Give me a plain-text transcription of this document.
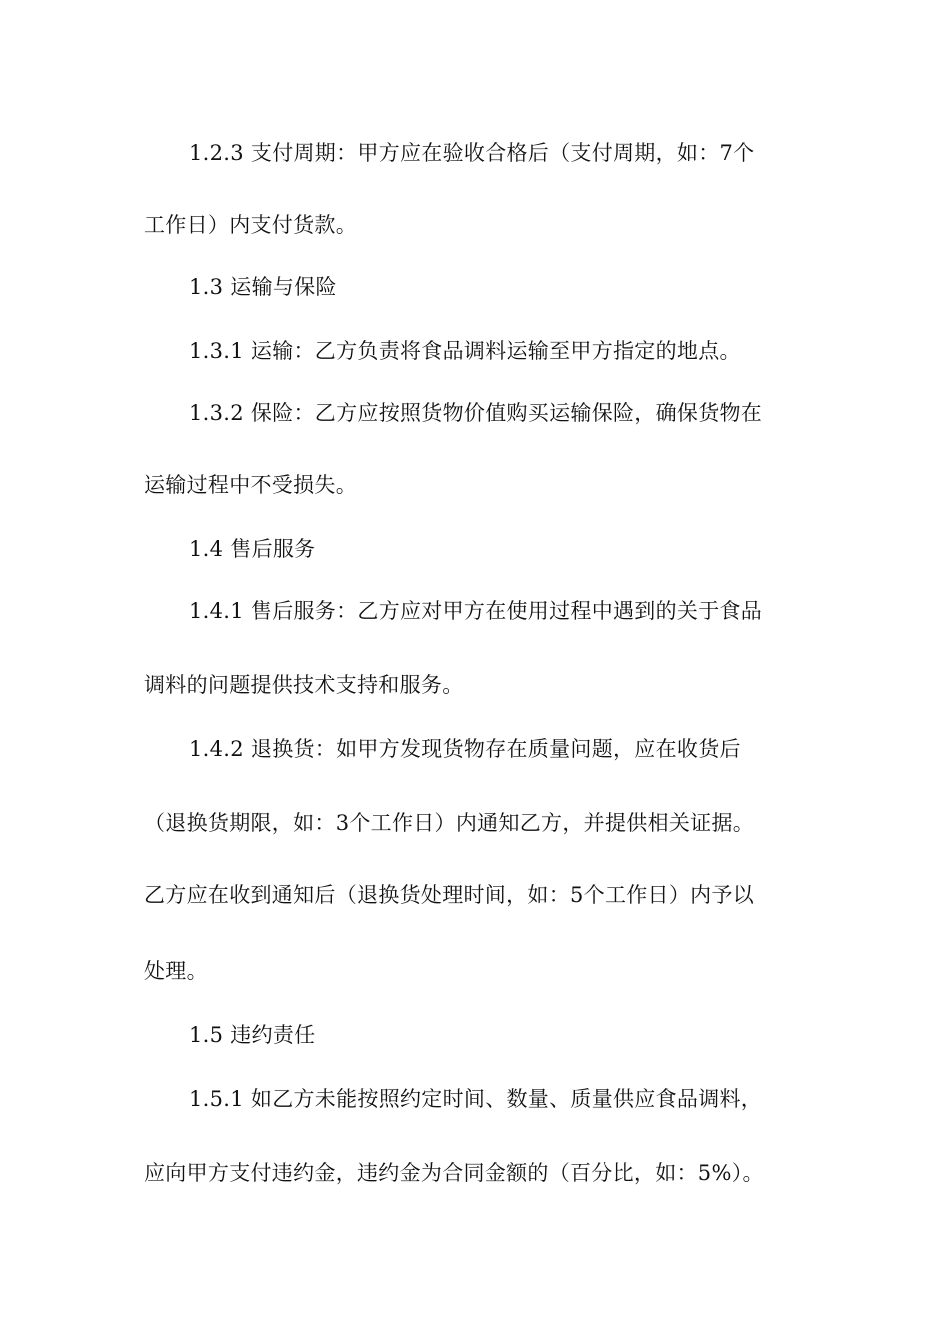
1.2.3 支付周期：甲方应在验收合格后（支付周期，如：7个
工作日）内支付货款。
1.3 运输与保险
1.3.1 运输：乙方负责将食品调料运输至甲方指定的地点。
1.3.2 保险：乙方应按照货物价值购买运输保险，确保货物在
运输过程中不受损失。
1.4 售后服务
1.4.1 售后服务：乙方应对甲方在使用过程中遇到的关于食品
调料的问题提供技术支持和服务。
1.4.2 退换货：如甲方发现货物存在质量问题，应在收货后
（退换货期限，如：3个工作日）内通知乙方，并提供相关证据。
乙方应在收到通知后（退换货处理时间，如：5个工作日）内予以
处理。
1.5 违约责任
1.5.1 如乙方未能按照约定时间、数量、质量供应食品调料，
应向甲方支付违约金，违约金为合同金额的（百分比，如：5%）。
